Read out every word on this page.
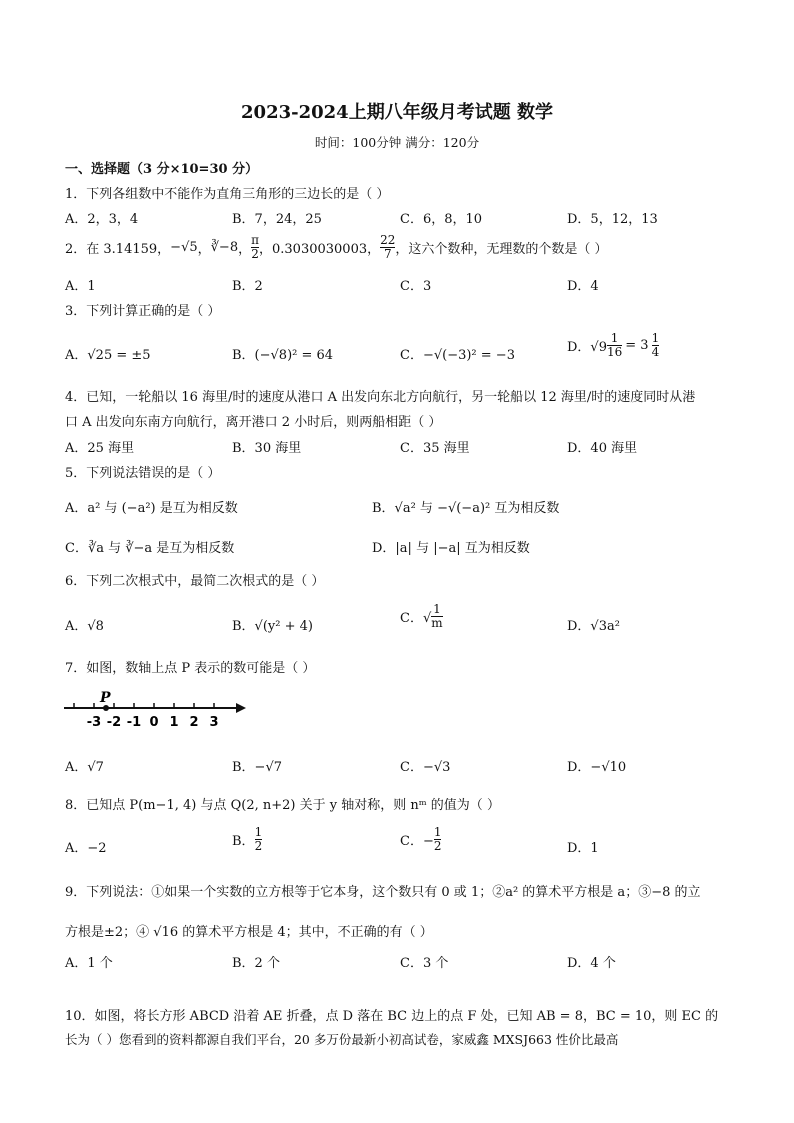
2023-2024上期八年级月考试题 数学
时间：100分钟 满分：120分
一、选择题（3 分×10=30 分）
1．下列各组数中不能作为直角三角形的三边长的是（ ）
A．2，3，4	B．7，24，25	C．6，8，10	D．5，12，13
2．在 3.14159， −√5 ， ∛−8 ， $\frac{\pi}{2}$ ，0.3030030003， $\frac{22}{7}$ ，这六个数种，无理数的个数是（ ）
A．1	B．2	C．3	D．4
3．下列计算正确的是（ ）
A．√25 = ±5	B．(−√8)² = 64	C．−√(−3)² = −3
D．$√9 \frac{1}{16} = 3 \frac{1}{4}$
4．已知，一轮船以 16 海里/时的速度从港口 A 出发向东北方向航行，另一轮船以 12 海里/时的速度同时从港
口 A 出发向东南方向航行，离开港口 2 小时后，则两船相距（ ）
A．25 海里	B．30 海里	C．35 海里	D．40 海里
5．下列说法错误的是（ ）
A．a² 与 (−a²) 是互为相反数	B．√a² 与 −√(−a)² 互为相反数
C．∛a 与 ∛−a 是互为相反数	D．|a| 与 |−a| 互为相反数
6．下列二次根式中，最简二次根式的是（ ）
A．√8	B．√(y² + 4)
C．√ $\frac{1}{m}$	D．√3a²
7．如图，数轴上点 P 表示的数可能是（ ）
-3 -2 -1 0 1 2 3
P
A．√7	B．−√7	C．−√3	D．−√10
8．已知点 P(m−1, 4) 与点 Q(2, n+2) 关于 y 轴对称，则 nᵐ 的值为（ ）
A．−2	B． $\frac{1}{2}$	C．− $\frac{1}{2}$	D．1
9．下列说法：①如果一个实数的立方根等于它本身，这个数只有 0 或 1；②a² 的算术平方根是 a；③−8 的立
方根是±2；④ √16 的算术平方根是 4；其中，不正确的有（ ）
A．1 个	B．2 个	C．3 个	D．4 个
10．如图，将长方形 ABCD 沿着 AE 折叠，点 D 落在 BC 边上的点 F 处，已知 AB = 8，BC = 10，则 EC 的
长为（ ）您看到的资料都源自我们平台，20 多万份最新小初高试卷，家威鑫 MXSJ663 性价比最高
